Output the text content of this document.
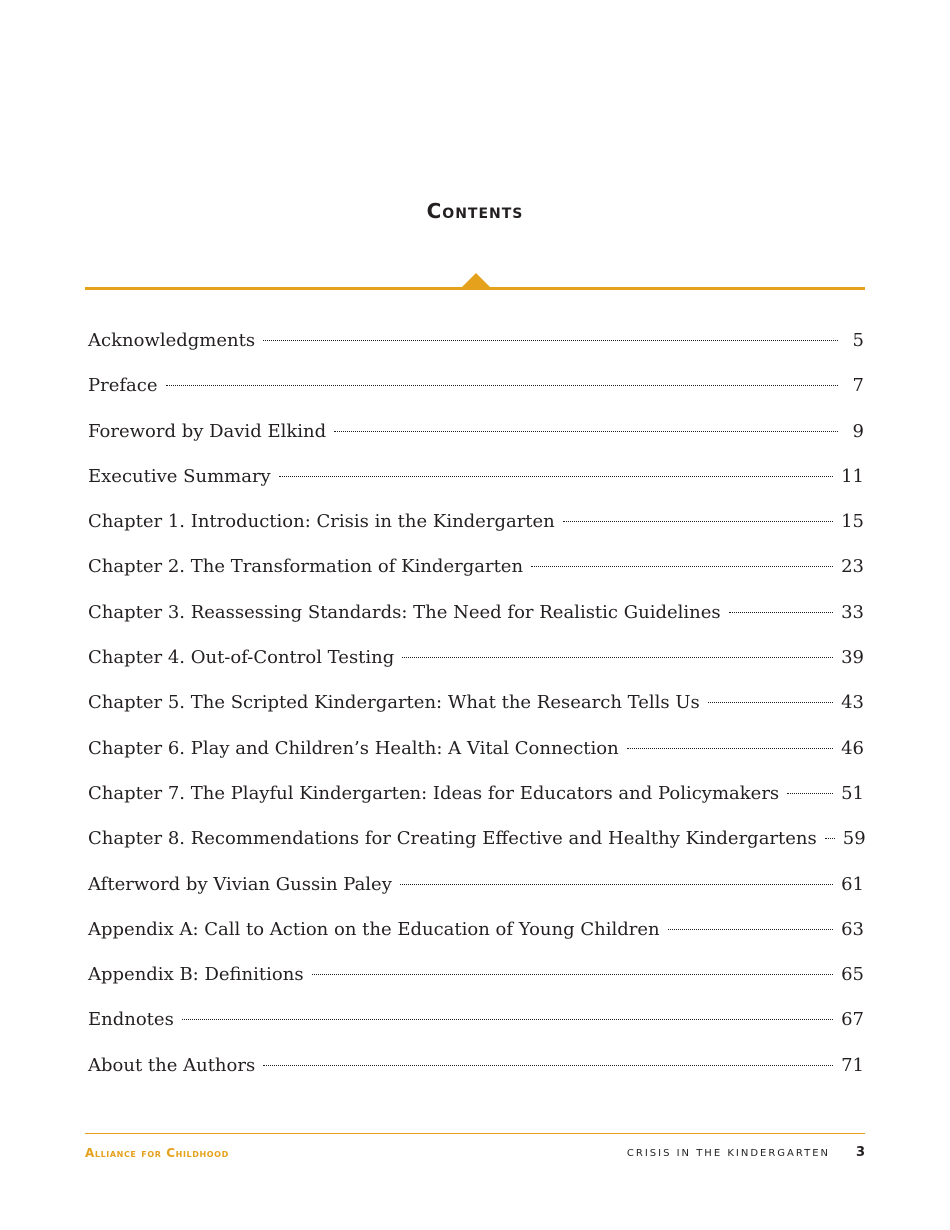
Contents
Acknowledgments	5
Preface	7
Foreword by David Elkind	9
Executive Summary	11
Chapter 1. Introduction: Crisis in the Kindergarten	15
Chapter 2. The Transformation of Kindergarten	23
Chapter 3. Reassessing Standards: The Need for Realistic Guidelines	33
Chapter 4. Out-of-Control Testing	39
Chapter 5. The Scripted Kindergarten: What the Research Tells Us	43
Chapter 6. Play and Children’s Health: A Vital Connection	46
Chapter 7. The Playful Kindergarten: Ideas for Educators and Policymakers	51
Chapter 8. Recommendations for Creating Effective and Healthy Kindergartens 59
Afterword by Vivian Gussin Paley	61
Appendix A: Call to Action on the Education of Young Children	63
Appendix B: Definitions	65
Endnotes	67
About the Authors	71
Alliance for Childhood	CRISIS IN THE KINDERGARTEN 3
